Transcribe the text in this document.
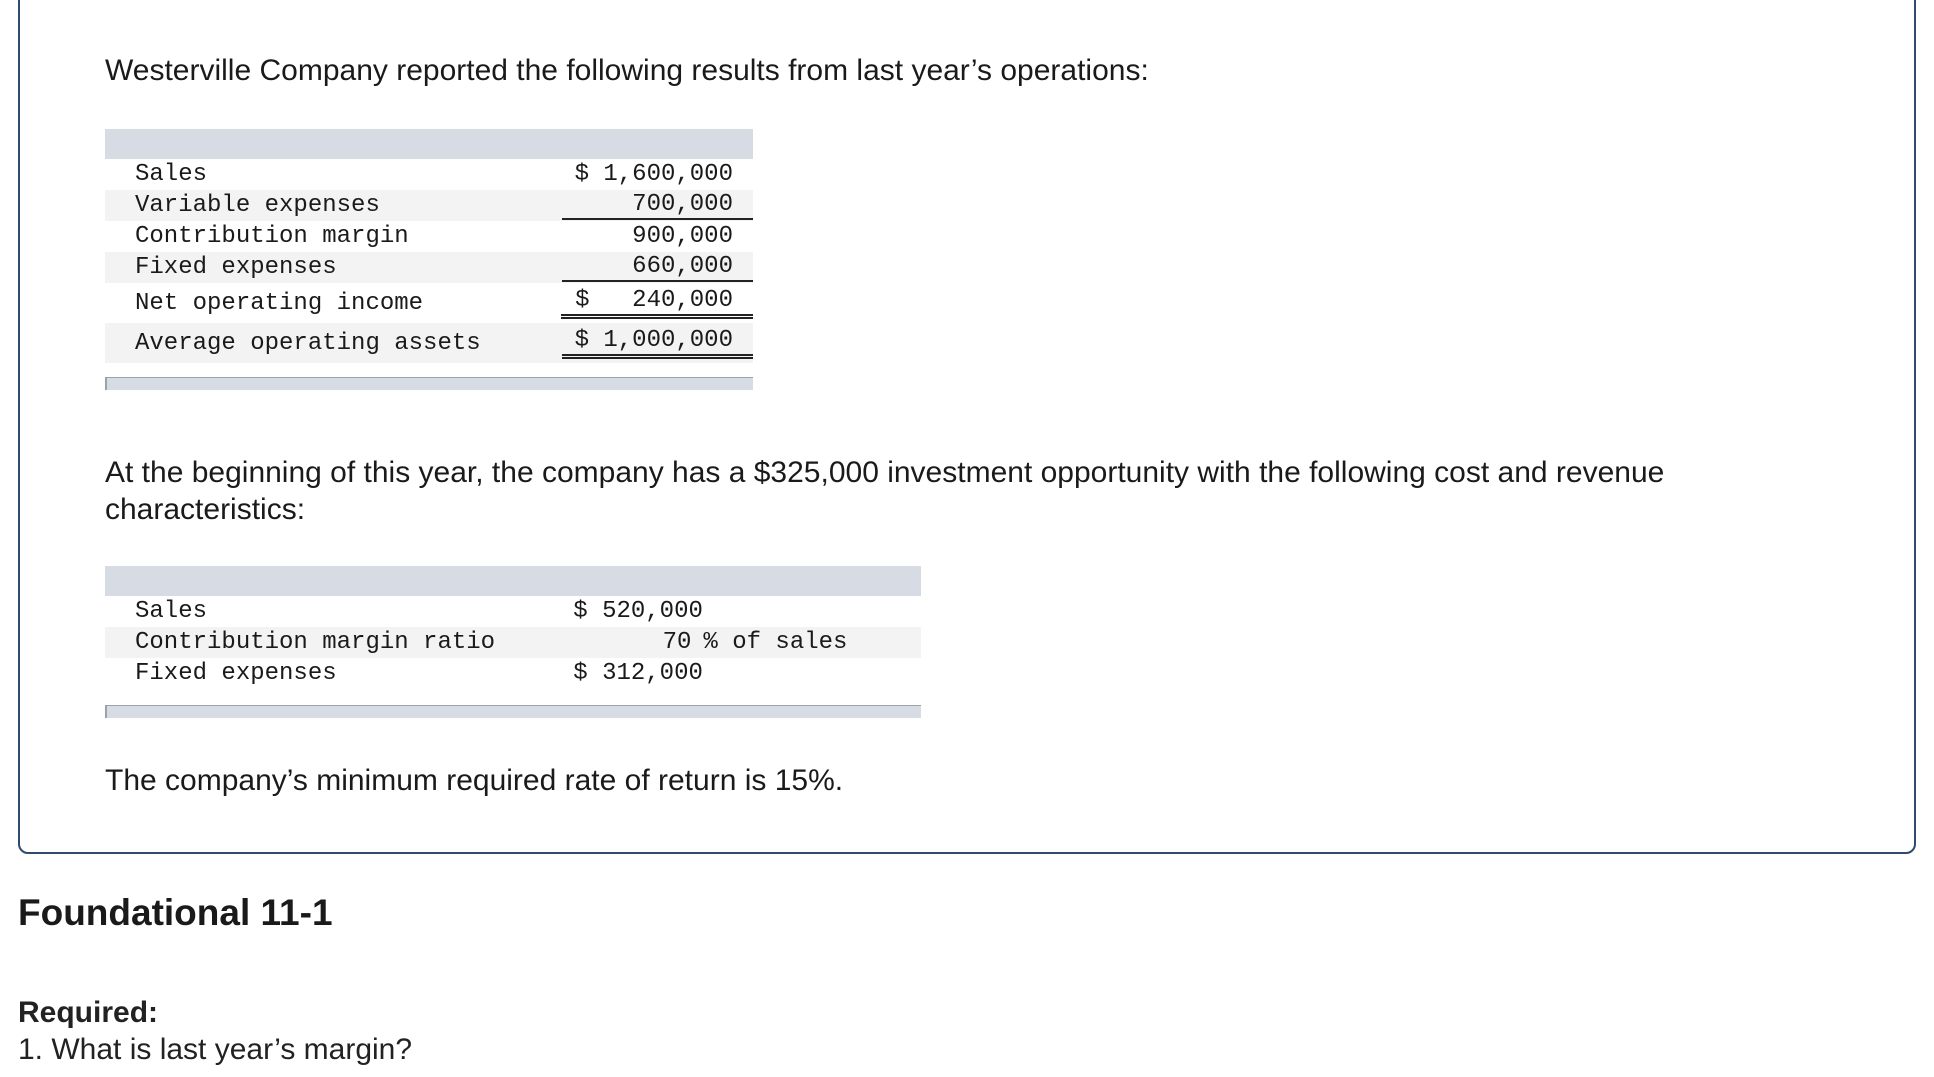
Westerville Company reported the following results from last year’s operations:

Sales	$ 1,600,000
Variable expenses	700,000
Contribution margin	900,000
Fixed expenses	660,000
Net operating income	$ 240,000
Average operating assets	$ 1,000,000

At the beginning of this year, the company has a $325,000 investment opportunity with the following cost and revenue characteristics:

Sales	$ 520,000
Contribution margin ratio	70 % of sales
Fixed expenses	$ 312,000

The company’s minimum required rate of return is 15%.

Foundational 11-1

Required:

1. What is last year’s margin?
